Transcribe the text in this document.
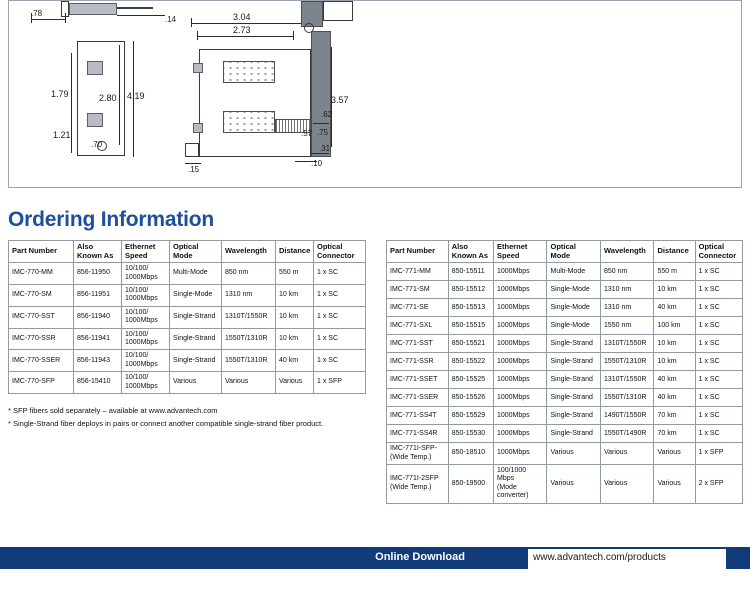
.78
.14	3.04
2.73
1.79	2.80 4.19
1.21
.70
.15
3.57
.62
.57 .75
.31
.10
Ordering Information
Part Number	Also
Known As	Ethernet
Speed	Optical
Mode	Wavelength	Distance	Optical
Connector
IMC-770-MM	856-11950	10/100/
1000Mbps	Multi-Mode	850 nm	550 m	1 x SC
IMC-770-SM	856-11951	10/100/
1000Mbps	Single-Mode	1310 nm	10 km	1 x SC
IMC-770-SST	856-11940	10/100/
1000Mbps	Single-Strand	1310T/1550R	10 km	1 x SC
IMC-770-SSR	856-11941	10/100/
1000Mbps	Single-Strand	1550T/1310R	10 km	1 x SC
IMC-770-SSER	856-11943	10/100/
1000Mbps	Single-Strand	1550T/1310R	40 km	1 x SC
IMC-770-SFP	856-15410	10/100/
1000Mbps	Various	Various	Various	1 x SFP
Part Number	Also
Known As	Ethernet
Speed	Optical
Mode	Wavelength	Distance	Optical
Connector
IMC-771-MM	850-15511	1000Mbps	Multi-Mode	850 nm	550 m	1 x SC
IMC-771-SM	850-15512	1000Mbps	Single-Mode	1310 nm	10 km	1 x SC
IMC-771-SE	850-15513	1000Mbps	Single-Mode	1310 nm	40 km	1 x SC
IMC-771-SXL	850-15515	1000Mbps	Single-Mode	1550 nm	100 km	1 x SC
IMC-771-SST	850-15521	1000Mbps	Single-Strand	1310T/1550R	10 km	1 x SC
IMC-771-SSR	850-15522	1000Mbps	Single-Strand	1550T/1310R	10 km	1 x SC
IMC-771-SSET	850-15525	1000Mbps	Single-Strand	1310T/1550R	40 km	1 x SC
IMC-771-SSER	850-15526	1000Mbps	Single-Strand	1550T/1310R	40 km	1 x SC
IMC-771-SS4T	850-15529	1000Mbps	Single-Strand	1490T/1550R	70 km	1 x SC
IMC-771-SS4R	850-15530	1000Mbps	Single-Strand	1550T/1490R	70 km	1 x SC
IMC-771I-SFP-
(Wide Temp.)	850-18510	1000Mbps	Various	Various	Various	1 x SFP
IMC-771I-2SFP
(Wide Temp.)	850-19500	100/1000 Mbps
(Mode
converter)	Various	Various	Various	2 x SFP
* SFP fibers sold separately – available at www.advantech.com
* Single-Strand fiber deploys in pairs or connect another compatible single-strand fiber product.
Online Download	www.advantech.com/products
